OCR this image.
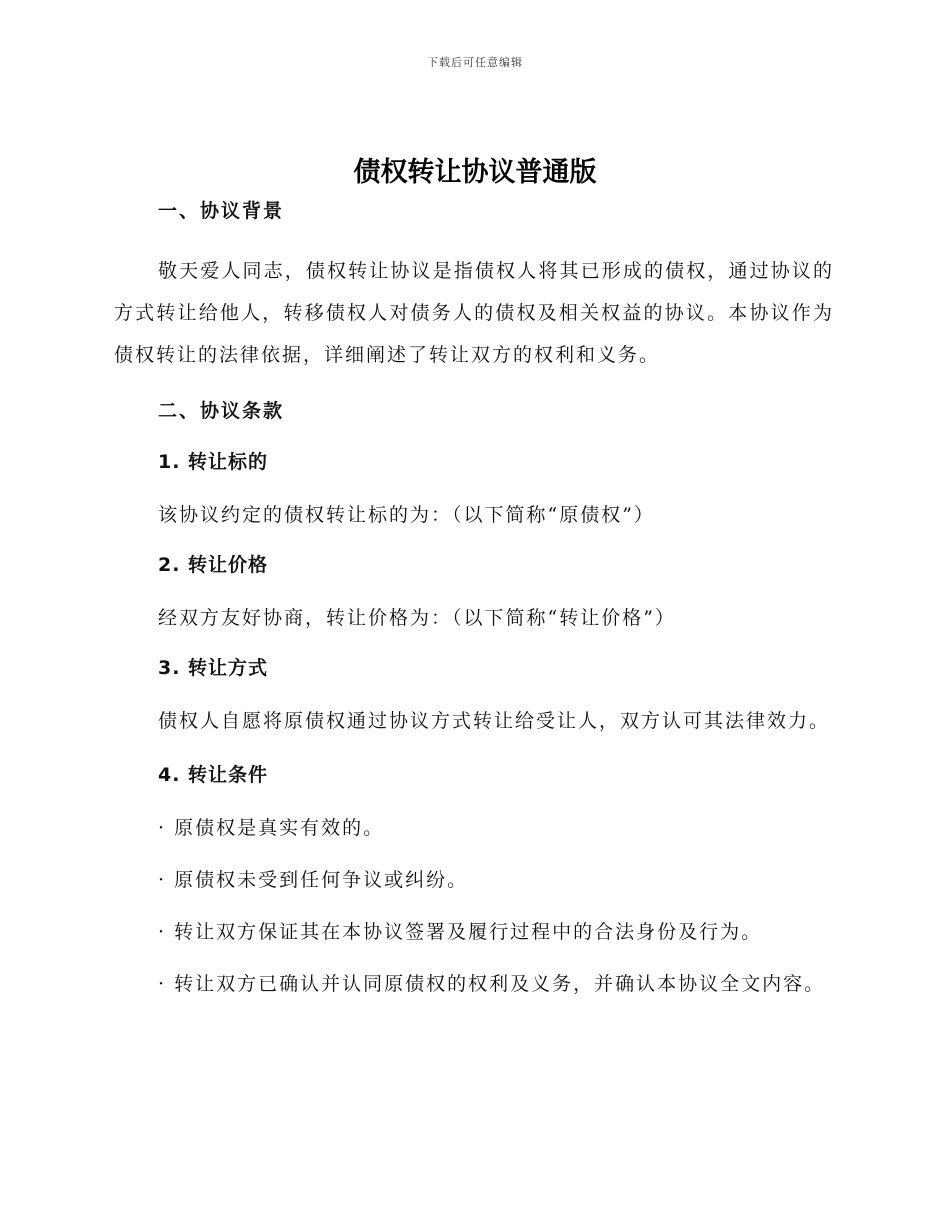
下载后可任意编辑
债权转让协议普通版
一、协议背景

敬天爱人同志，债权转让协议是指债权人将其已形成的债权，通过协议的方式转让给他人，转移债权人对债务人的债权及相关权益的协议。本协议作为债权转让的法律依据，详细阐述了转让双方的权利和义务。

二、协议条款
1. 转让标的

该协议约定的债权转让标的为：（以下简称“原债权”）

2. 转让价格

经双方友好协商，转让价格为：（以下简称“转让价格”）

3. 转让方式

债权人自愿将原债权通过协议方式转让给受让人，双方认可其法律效力。

4. 转让条件

· 原债权是真实有效的。

· 原债权未受到任何争议或纠纷。

· 转让双方保证其在本协议签署及履行过程中的合法身份及行为。

· 转让双方已确认并认同原债权的权利及义务，并确认本协议全文内容。
